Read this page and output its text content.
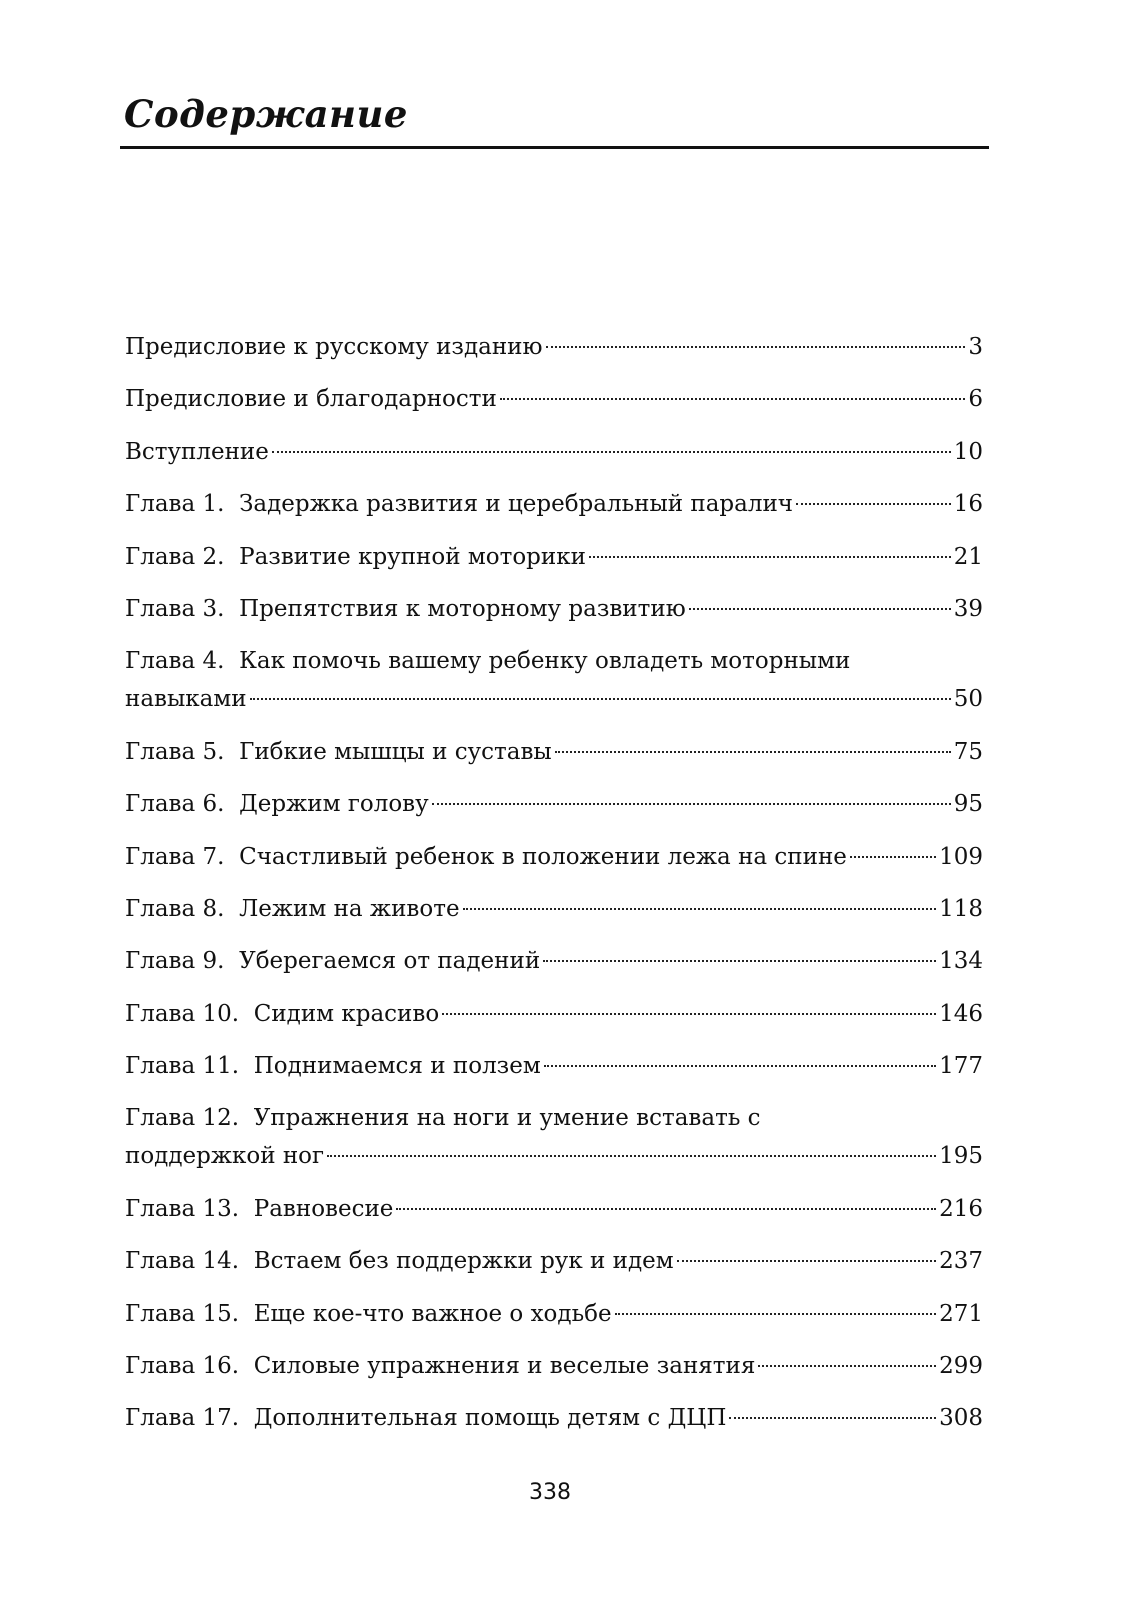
Содержание
Предисловие к русскому изданию	3
Предисловие и благодарности	6
Вступление	10
Глава 1.  Задержка развития и церебральный паралич	16
Глава 2.  Развитие крупной моторики	21
Глава 3.  Препятствия к моторному развитию	39
Глава 4.  Как помочь вашему ребенку овладеть моторными
навыками	50
Глава 5.  Гибкие мышцы и суставы	75
Глава 6.  Держим голову	95
Глава 7.  Счастливый ребенок в положении лежа на спине	109
Глава 8.  Лежим на животе	118
Глава 9.  Уберегаемся от падений	134
Глава 10.  Сидим красиво	146
Глава 11.  Поднимаемся и ползем	177
Глава 12.  Упражнения на ноги и умение вставать с
поддержкой ног	195
Глава 13.  Равновесие	216
Глава 14.  Встаем без поддержки рук и идем	237
Глава 15.  Еще кое-что важное о ходьбе	271
Глава 16.  Силовые упражнения и веселые занятия	299
Глава 17.  Дополнительная помощь детям с ДЦП	308
338
